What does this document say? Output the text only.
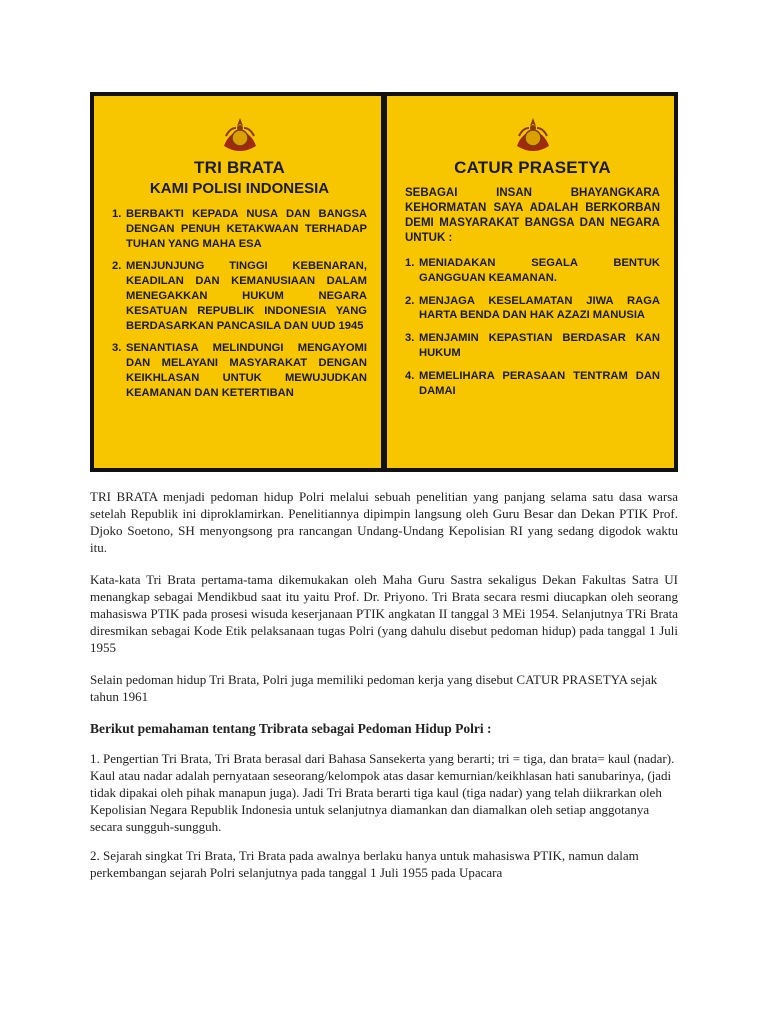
TRI BRATA
KAMI POLISI INDONESIA
1. BERBAKTI KEPADA NUSA DAN BANGSA DENGAN PENUH KETAKWAAN TERHADAP TUHAN YANG MAHA ESA
2. MENJUNJUNG TINGGI KEBENARAN, KEADILAN DAN KEMANUSIAAN DALAM MENEGAKKAN HUKUM NEGARA KESATUAN REPUBLIK INDONESIA YANG BERDASARKAN PANCASILA DAN UUD 1945
3. SENANTIASA MELINDUNGI MENGAYOMI DAN MELAYANI MASYARAKAT DENGAN KEIKHLASAN UNTUK MEWUJUDKAN KEAMANAN DAN KETERTIBAN
CATUR PRASETYA
SEBAGAI INSAN BHAYANGKARA KEHORMATAN SAYA ADALAH BERKORBAN DEMI MASYARAKAT BANGSA DAN NEGARA UNTUK :
1. MENIADAKAN SEGALA BENTUK GANGGUAN KEAMANAN.
2. MENJAGA KESELAMATAN JIWA RAGA HARTA BENDA DAN HAK AZAZI MANUSIA
3. MENJAMIN KEPASTIAN BERDASAR KAN HUKUM
4. MEMELIHARA PERASAAN TENTRAM DAN DAMAI

TRI BRATA menjadi pedoman hidup Polri melalui sebuah penelitian yang panjang selama satu dasa warsa setelah Republik ini diproklamirkan. Penelitiannya dipimpin langsung oleh Guru Besar dan Dekan PTIK Prof. Djoko Soetono, SH menyongsong pra rancangan Undang-Undang Kepolisian RI yang sedang digodok waktu itu.

Kata-kata Tri Brata pertama-tama dikemukakan oleh Maha Guru Sastra sekaligus Dekan Fakultas Satra UI menangkap sebagai Mendikbud saat itu yaitu Prof. Dr. Priyono. Tri Brata secara resmi diucapkan oleh seorang mahasiswa PTIK pada prosesi wisuda keserjanaan PTIK angkatan II tanggal 3 MEi 1954. Selanjutnya TRi Brata diresmikan sebagai Kode Etik pelaksanaan tugas Polri (yang dahulu disebut pedoman hidup) pada tanggal 1 Juli 1955

Selain pedoman hidup Tri Brata, Polri juga memiliki pedoman kerja yang disebut CATUR PRASETYA sejak tahun 1961

Berikut pemahaman tentang Tribrata sebagai Pedoman Hidup Polri :

1. Pengertian Tri Brata, Tri Brata berasal dari Bahasa Sansekerta yang berarti; tri = tiga, dan brata= kaul (nadar). Kaul atau nadar adalah pernyataan seseorang/kelompok atas dasar kemurnian/keikhlasan hati sanubarinya, (jadi tidak dipakai oleh pihak manapun juga). Jadi Tri Brata berarti tiga kaul (tiga nadar) yang telah diikrarkan oleh Kepolisian Negara Republik Indonesia untuk selanjutnya diamankan dan diamalkan oleh setiap anggotanya secara sungguh-sungguh.

2. Sejarah singkat Tri Brata, Tri Brata pada awalnya berlaku hanya untuk mahasiswa PTIK, namun dalam perkembangan sejarah Polri selanjutnya pada tanggal 1 Juli 1955 pada Upacara
